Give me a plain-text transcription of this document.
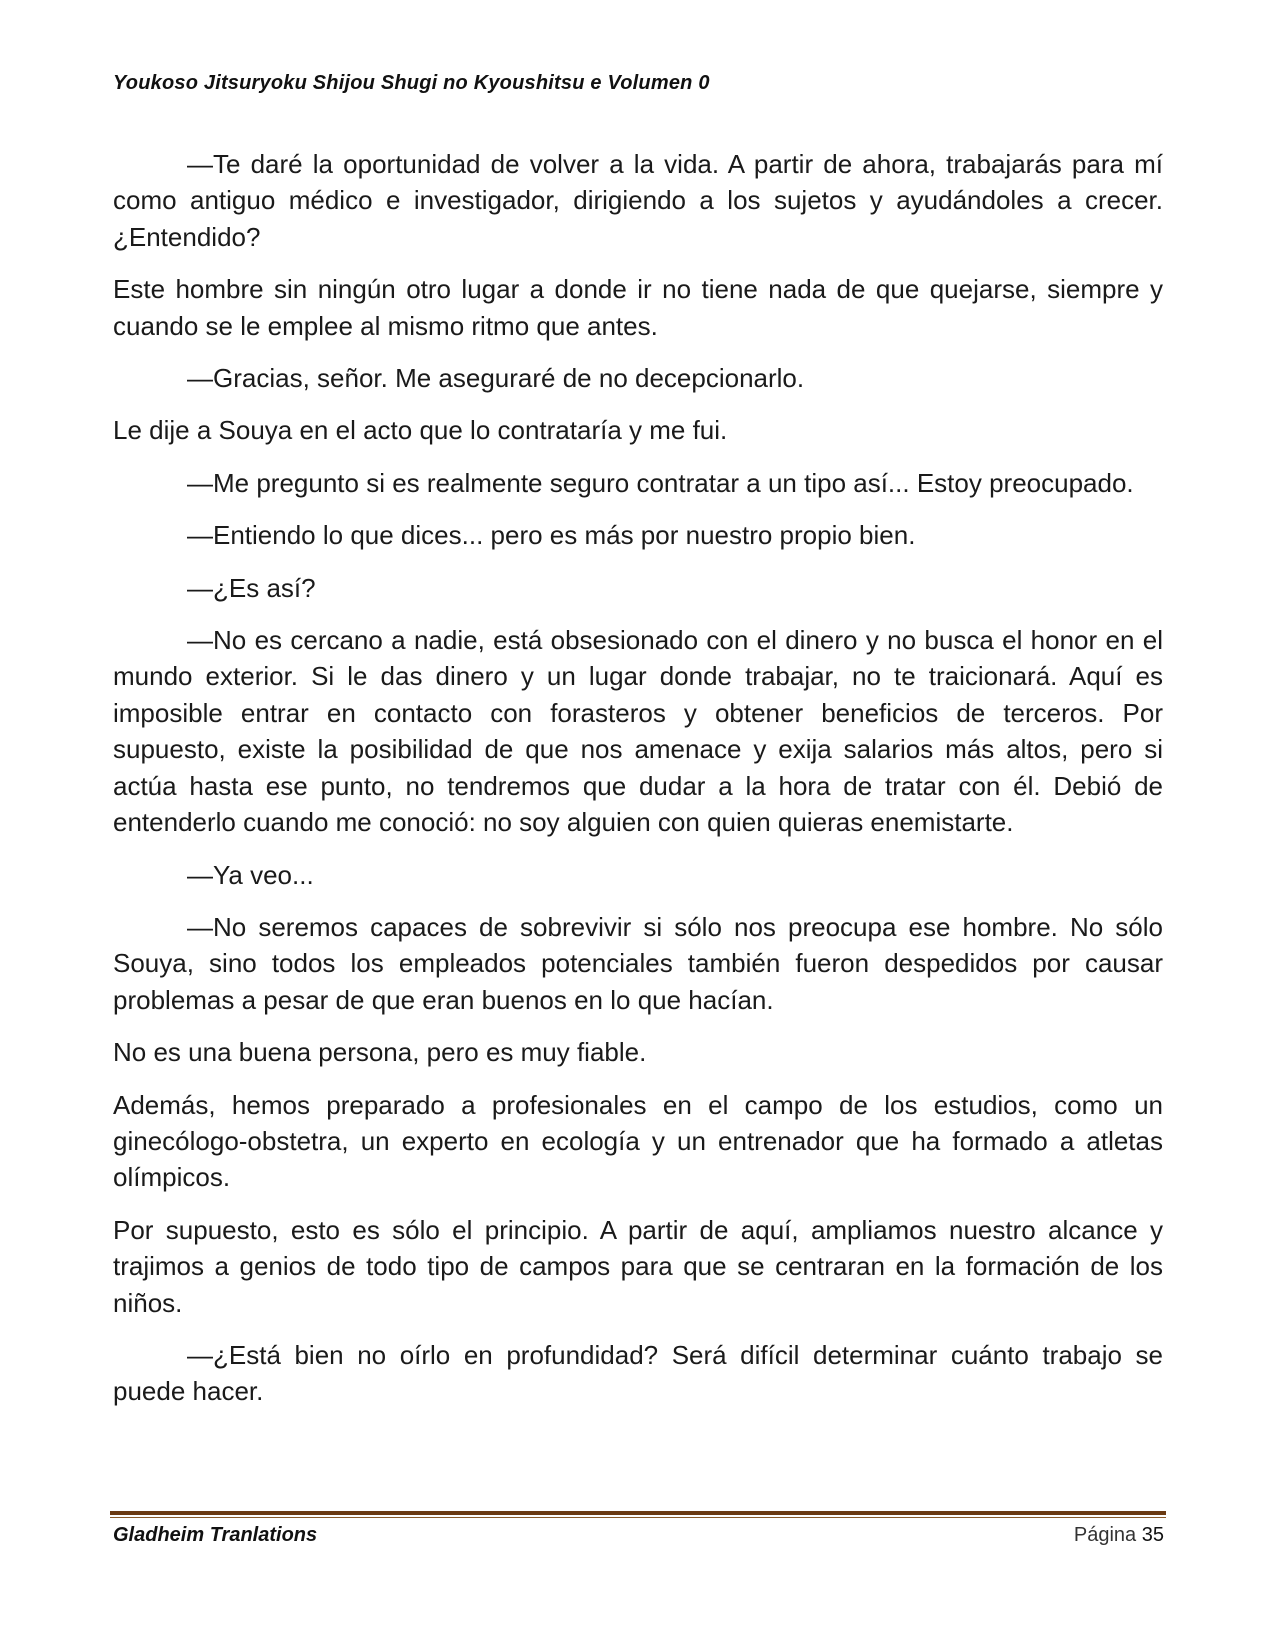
Youkoso Jitsuryoku Shijou Shugi no Kyoushitsu e Volumen 0

—Te daré la oportunidad de volver a la vida. A partir de ahora, trabajarás para mí como antiguo médico e investigador, dirigiendo a los sujetos y ayudándoles a crecer. ¿Entendido?

Este hombre sin ningún otro lugar a donde ir no tiene nada de que quejarse, siempre y cuando se le emplee al mismo ritmo que antes.

—Gracias, señor. Me aseguraré de no decepcionarlo.

Le dije a Souya en el acto que lo contrataría y me fui.

—Me pregunto si es realmente seguro contratar a un tipo así... Estoy preocupado.

—Entiendo lo que dices... pero es más por nuestro propio bien.

—¿Es así?

—No es cercano a nadie, está obsesionado con el dinero y no busca el honor en el mundo exterior. Si le das dinero y un lugar donde trabajar, no te traicionará. Aquí es imposible entrar en contacto con forasteros y obtener beneficios de terceros. Por supuesto, existe la posibilidad de que nos amenace y exija salarios más altos, pero si actúa hasta ese punto, no tendremos que dudar a la hora de tratar con él. Debió de entenderlo cuando me conoció: no soy alguien con quien quieras enemistarte.

—Ya veo...

—No seremos capaces de sobrevivir si sólo nos preocupa ese hombre. No sólo Souya, sino todos los empleados potenciales también fueron despedidos por causar problemas a pesar de que eran buenos en lo que hacían.

No es una buena persona, pero es muy fiable.

Además, hemos preparado a profesionales en el campo de los estudios, como un ginecólogo-obstetra, un experto en ecología y un entrenador que ha formado a atletas olímpicos.

Por supuesto, esto es sólo el principio. A partir de aquí, ampliamos nuestro alcance y trajimos a genios de todo tipo de campos para que se centraran en la formación de los niños.

—¿Está bien no oírlo en profundidad? Será difícil determinar cuánto trabajo se puede hacer.

Gladheim Tranlations	Página 35
